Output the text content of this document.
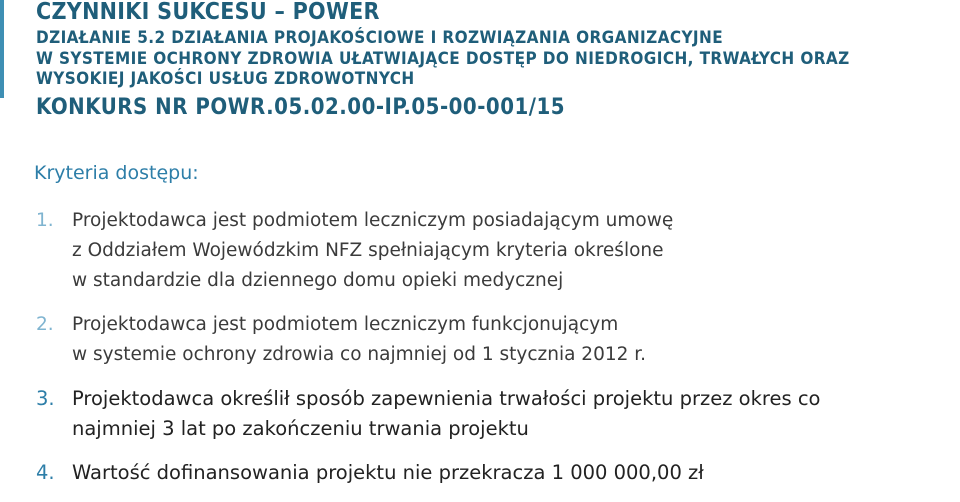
CZYNNIKI SUKCESU – POWER
DZIAŁANIE 5.2 DZIAŁANIA PROJAKOŚCIOWE I ROZWIĄZANIA ORGANIZACYJNE
W SYSTEMIE OCHRONY ZDROWIA UŁATWIAJĄCE DOSTĘP DO NIEDROGICH, TRWAŁYCH ORAZ
WYSOKIEJ JAKOŚCI USŁUG ZDROWOTNYCH
KONKURS NR POWR.05.02.00-IP.05-00-001/15
Kryteria dostępu:
1. Projektodawca jest podmiotem leczniczym posiadającym umowę
z Oddziałem Wojewódzkim NFZ spełniającym kryteria określone
w standardzie dla dziennego domu opieki medycznej
2. Projektodawca jest podmiotem leczniczym funkcjonującym
w systemie ochrony zdrowia co najmniej od 1 stycznia 2012 r.
3. Projektodawca określił sposób zapewnienia trwałości projektu przez okres co
najmniej 3 lat po zakończeniu trwania projektu
4. Wartość dofinansowania projektu nie przekracza 1 000 000,00 zł
